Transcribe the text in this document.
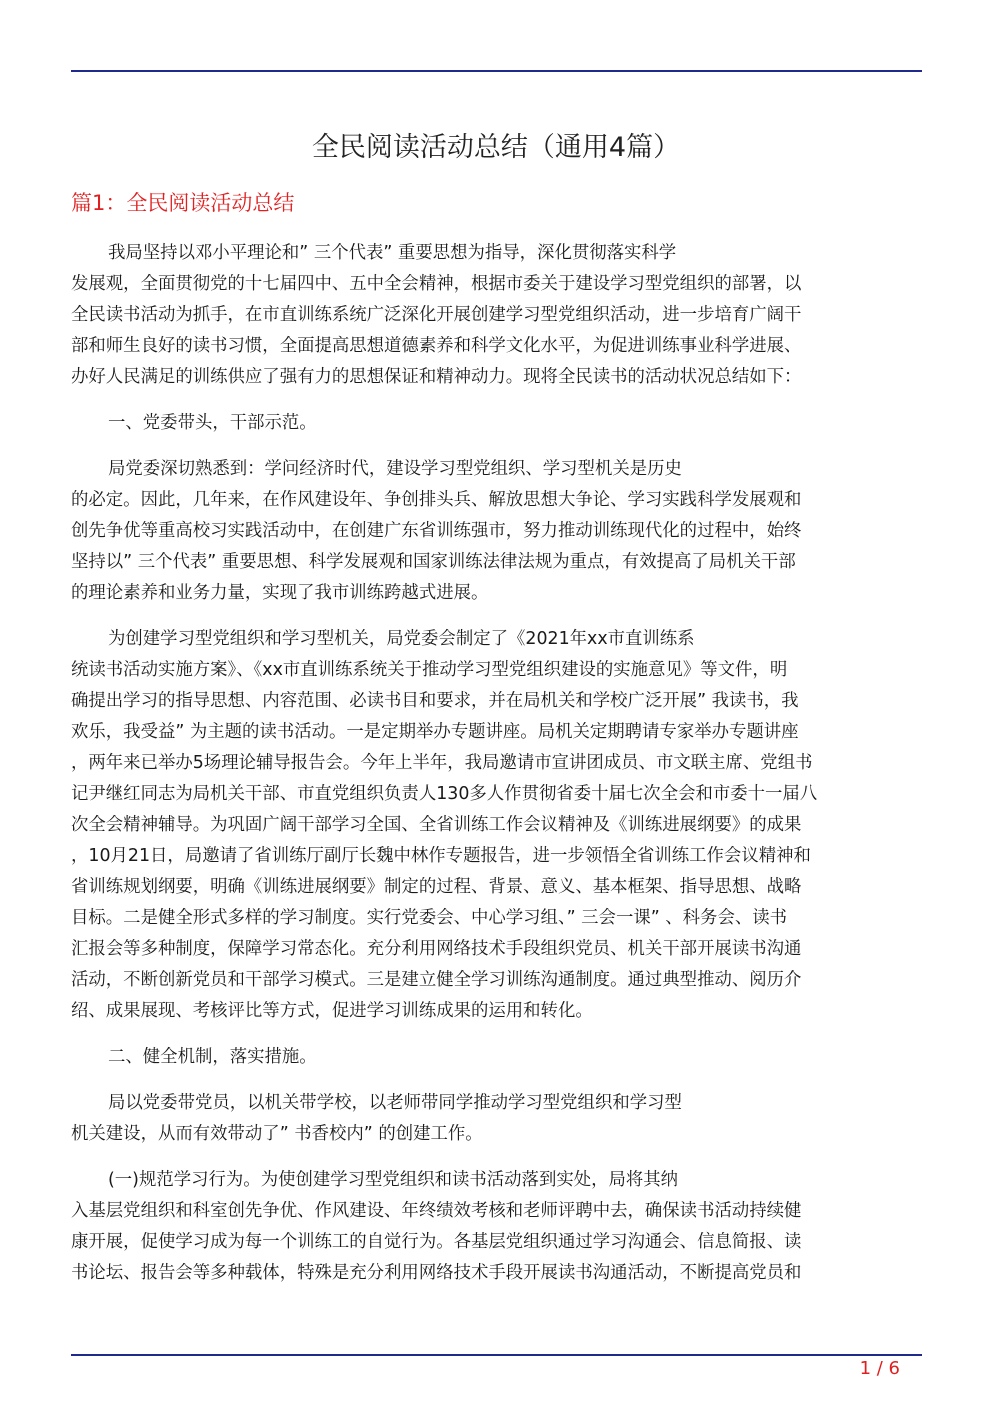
全民阅读活动总结（通用4篇）
篇1：全民阅读活动总结

我局坚持以邓小平理论和” 三个代表” 重要思想为指导，深化贯彻落实科学
发展观，全面贯彻党的十七届四中、五中全会精神，根据市委关于建设学习型党组织的部署，以
全民读书活动为抓手，在市直训练系统广泛深化开展创建学习型党组织活动，进一步培育广阔干
部和师生良好的读书习惯，全面提高思想道德素养和科学文化水平，为促进训练事业科学进展、
办好人民满足的训练供应了强有力的思想保证和精神动力。现将全民读书的活动状况总结如下：

一、党委带头，干部示范。

局党委深切熟悉到：学问经济时代，建设学习型党组织、学习型机关是历史
的必定。因此，几年来，在作风建设年、争创排头兵、解放思想大争论、学习实践科学发展观和
创先争优等重高校习实践活动中，在创建广东省训练强市，努力推动训练现代化的过程中，始终
坚持以” 三个代表” 重要思想、科学发展观和国家训练法律法规为重点，有效提高了局机关干部
的理论素养和业务力量，实现了我市训练跨越式进展。

为创建学习型党组织和学习型机关，局党委会制定了《2021年xx市直训练系
统读书活动实施方案》、《xx市直训练系统关于推动学习型党组织建设的实施意见》等文件，明
确提出学习的指导思想、内容范围、必读书目和要求，并在局机关和学校广泛开展” 我读书，我
欢乐，我受益” 为主题的读书活动。一是定期举办专题讲座。局机关定期聘请专家举办专题讲座
，两年来已举办5场理论辅导报告会。今年上半年，我局邀请市宣讲团成员、市文联主席、党组书
记尹继红同志为局机关干部、市直党组织负责人130多人作贯彻省委十届七次全会和市委十一届八
次全会精神辅导。为巩固广阔干部学习全国、全省训练工作会议精神及《训练进展纲要》的成果
，10月21日，局邀请了省训练厅副厅长魏中林作专题报告，进一步领悟全省训练工作会议精神和
省训练规划纲要，明确《训练进展纲要》制定的过程、背景、意义、基本框架、指导思想、战略
目标。二是健全形式多样的学习制度。实行党委会、中心学习组、” 三会一课” 、科务会、读书
汇报会等多种制度，保障学习常态化。充分利用网络技术手段组织党员、机关干部开展读书沟通
活动，不断创新党员和干部学习模式。三是建立健全学习训练沟通制度。通过典型推动、阅历介
绍、成果展现、考核评比等方式，促进学习训练成果的运用和转化。

二、健全机制，落实措施。

局以党委带党员，以机关带学校，以老师带同学推动学习型党组织和学习型
机关建设，从而有效带动了” 书香校内” 的创建工作。

(一)规范学习行为。为使创建学习型党组织和读书活动落到实处，局将其纳
入基层党组织和科室创先争优、作风建设、年终绩效考核和老师评聘中去，确保读书活动持续健
康开展，促使学习成为每一个训练工的自觉行为。各基层党组织通过学习沟通会、信息简报、读
书论坛、报告会等多种载体，特殊是充分利用网络技术手段开展读书沟通活动，不断提高党员和

1 / 6
